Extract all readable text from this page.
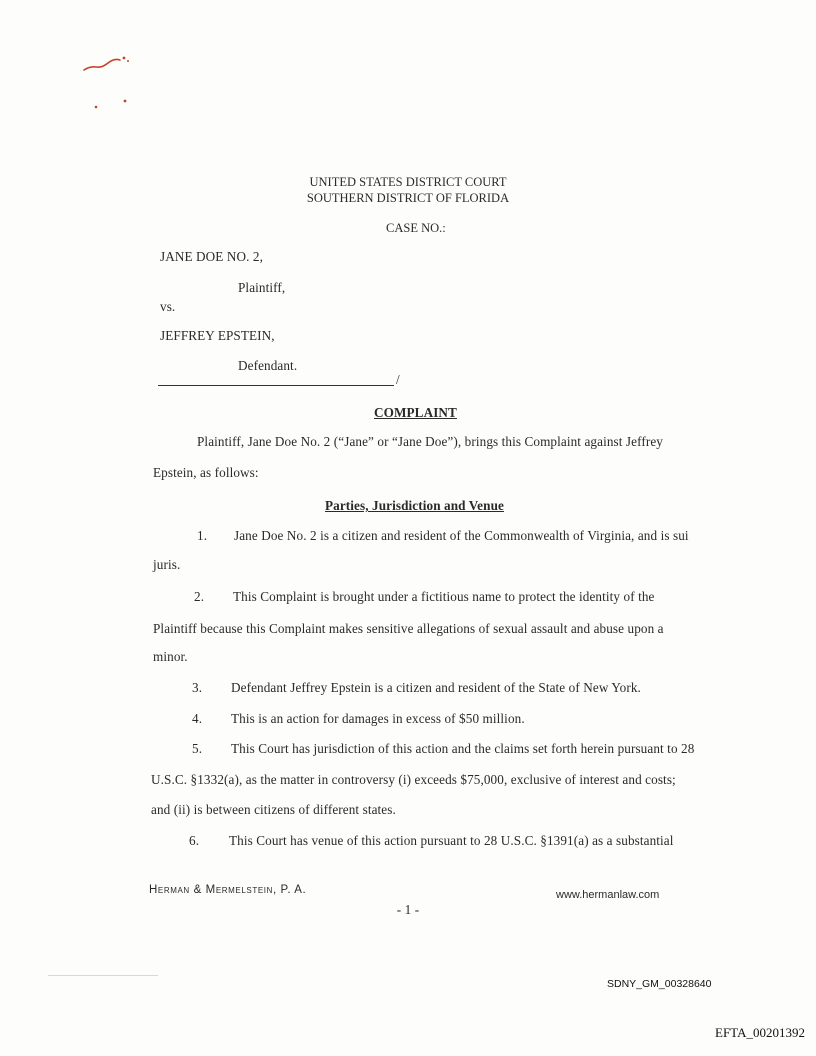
UNITED STATES DISTRICT COURT
SOUTHERN DISTRICT OF FLORIDA
CASE NO.:
JANE DOE NO. 2,
Plaintiff,
vs.
JEFFREY EPSTEIN,
Defendant.
/
COMPLAINT
Plaintiff, Jane Doe No. 2 (“Jane” or “Jane Doe”), brings this Complaint against Jeffrey
Epstein, as follows:
Parties, Jurisdiction and Venue
1. Jane Doe No. 2 is a citizen and resident of the Commonwealth of Virginia, and is sui
juris.
2. This Complaint is brought under a fictitious name to protect the identity of the
Plaintiff because this Complaint makes sensitive allegations of sexual assault and abuse upon a
minor.
3. Defendant Jeffrey Epstein is a citizen and resident of the State of New York.
4. This is an action for damages in excess of $50 million.
5. This Court has jurisdiction of this action and the claims set forth herein pursuant to 28
U.S.C. §1332(a), as the matter in controversy (i) exceeds $75,000, exclusive of interest and costs;
and (ii) is between citizens of different states.
6. This Court has venue of this action pursuant to 28 U.S.C. §1391(a) as a substantial
Herman & Mermelstein, P. A.	www.hermanlaw.com
- 1 -
SDNY_GM_00328640
EFTA_00201392
